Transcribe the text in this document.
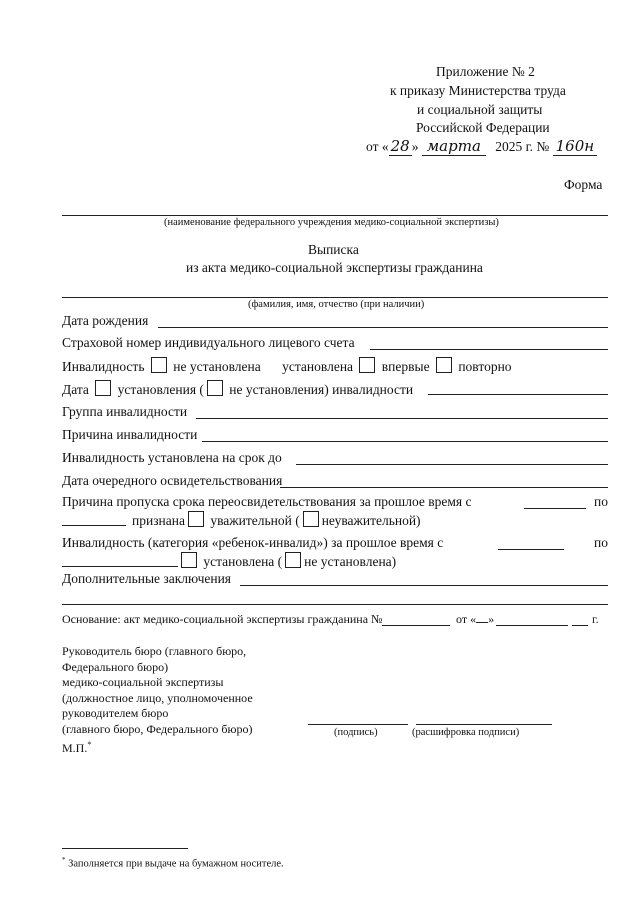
Приложение № 2
к приказу Министерства труда
и социальной защиты
Российской Федерации
от « 28 » марта 2025 г. № 160н
Форма
(наименование федерального учреждения медико-социальной экспертизы)
Выписка
из акта медико-социальной экспертизы гражданина
(фамилия, имя, отчество (при наличии)
Дата рождения
Страховой номер индивидуального лицевого счета
Инвалидность не установлена установлена впервые повторно
Дата установления ( не установления) инвалидности
Группа инвалидности
Причина инвалидности
Инвалидность установлена на срок до
Дата очередного освидетельствования
Причина пропуска срока переосвидетельствования за прошлое время с	по
признана уважительной ( неуважительной)
Инвалидность (категория «ребенок-инвалид») за прошлое время с	по
установлена ( не установлена)
Дополнительные заключения
Основание: акт медико-социальной экспертизы гражданина №	от « »	г.
Руководитель бюро (главного бюро,
Федерального бюро)
медико-социальной экспертизы
(должностное лицо, уполномоченное
руководителем бюро
(главного бюро, Федерального бюро)	(подпись)	(расшифровка подписи)
М.П.*
* Заполняется при выдаче на бумажном носителе.
